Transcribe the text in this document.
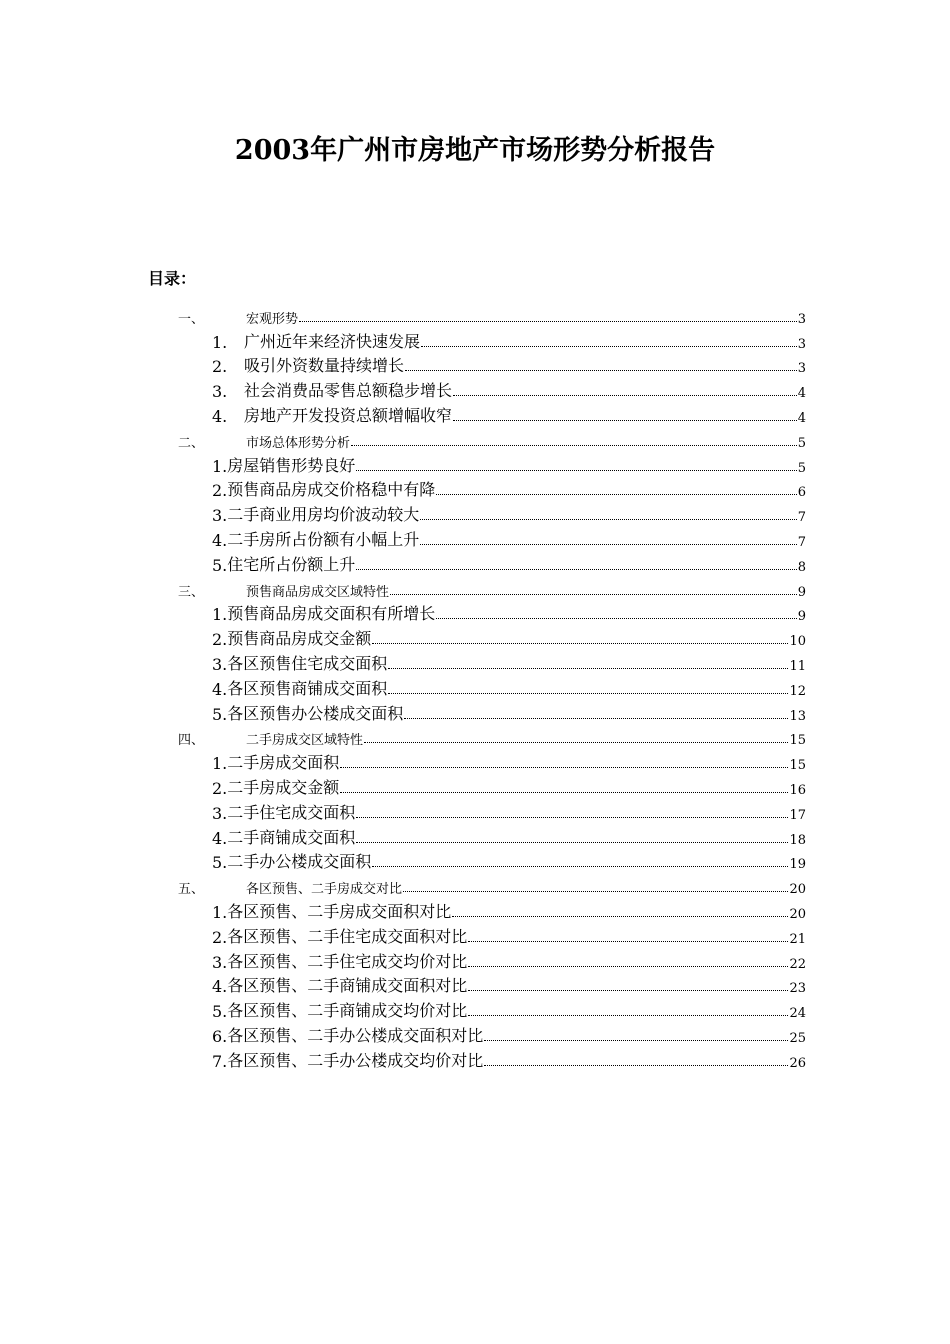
2003年广州市房地产市场形势分析报告

目录：

一、	宏观形势	3
1.	广州近年来经济快速发展	3
2.	吸引外资数量持续增长	3
3.	社会消费品零售总额稳步增长	4
4.	房地产开发投资总额增幅收窄	4
二、	市场总体形势分析	5
1. 房屋销售形势良好	5
2. 预售商品房成交价格稳中有降	6
3. 二手商业用房均价波动较大	7
4. 二手房所占份额有小幅上升	7
5. 住宅所占份额上升	8
三、	预售商品房成交区域特性	9
1. 预售商品房成交面积有所增长	9
2. 预售商品房成交金额	10
3. 各区预售住宅成交面积	11
4. 各区预售商铺成交面积	12
5. 各区预售办公楼成交面积	13
四、	二手房成交区域特性	15
1. 二手房成交面积	15
2. 二手房成交金额	16
3. 二手住宅成交面积	17
4. 二手商铺成交面积	18
5. 二手办公楼成交面积	19
五、	各区预售、二手房成交对比	20
1. 各区预售、二手房成交面积对比	20
2. 各区预售、二手住宅成交面积对比	21
3. 各区预售、二手住宅成交均价对比	22
4. 各区预售、二手商铺成交面积对比	23
5. 各区预售、二手商铺成交均价对比	24
6. 各区预售、二手办公楼成交面积对比	25
7. 各区预售、二手办公楼成交均价对比	26
